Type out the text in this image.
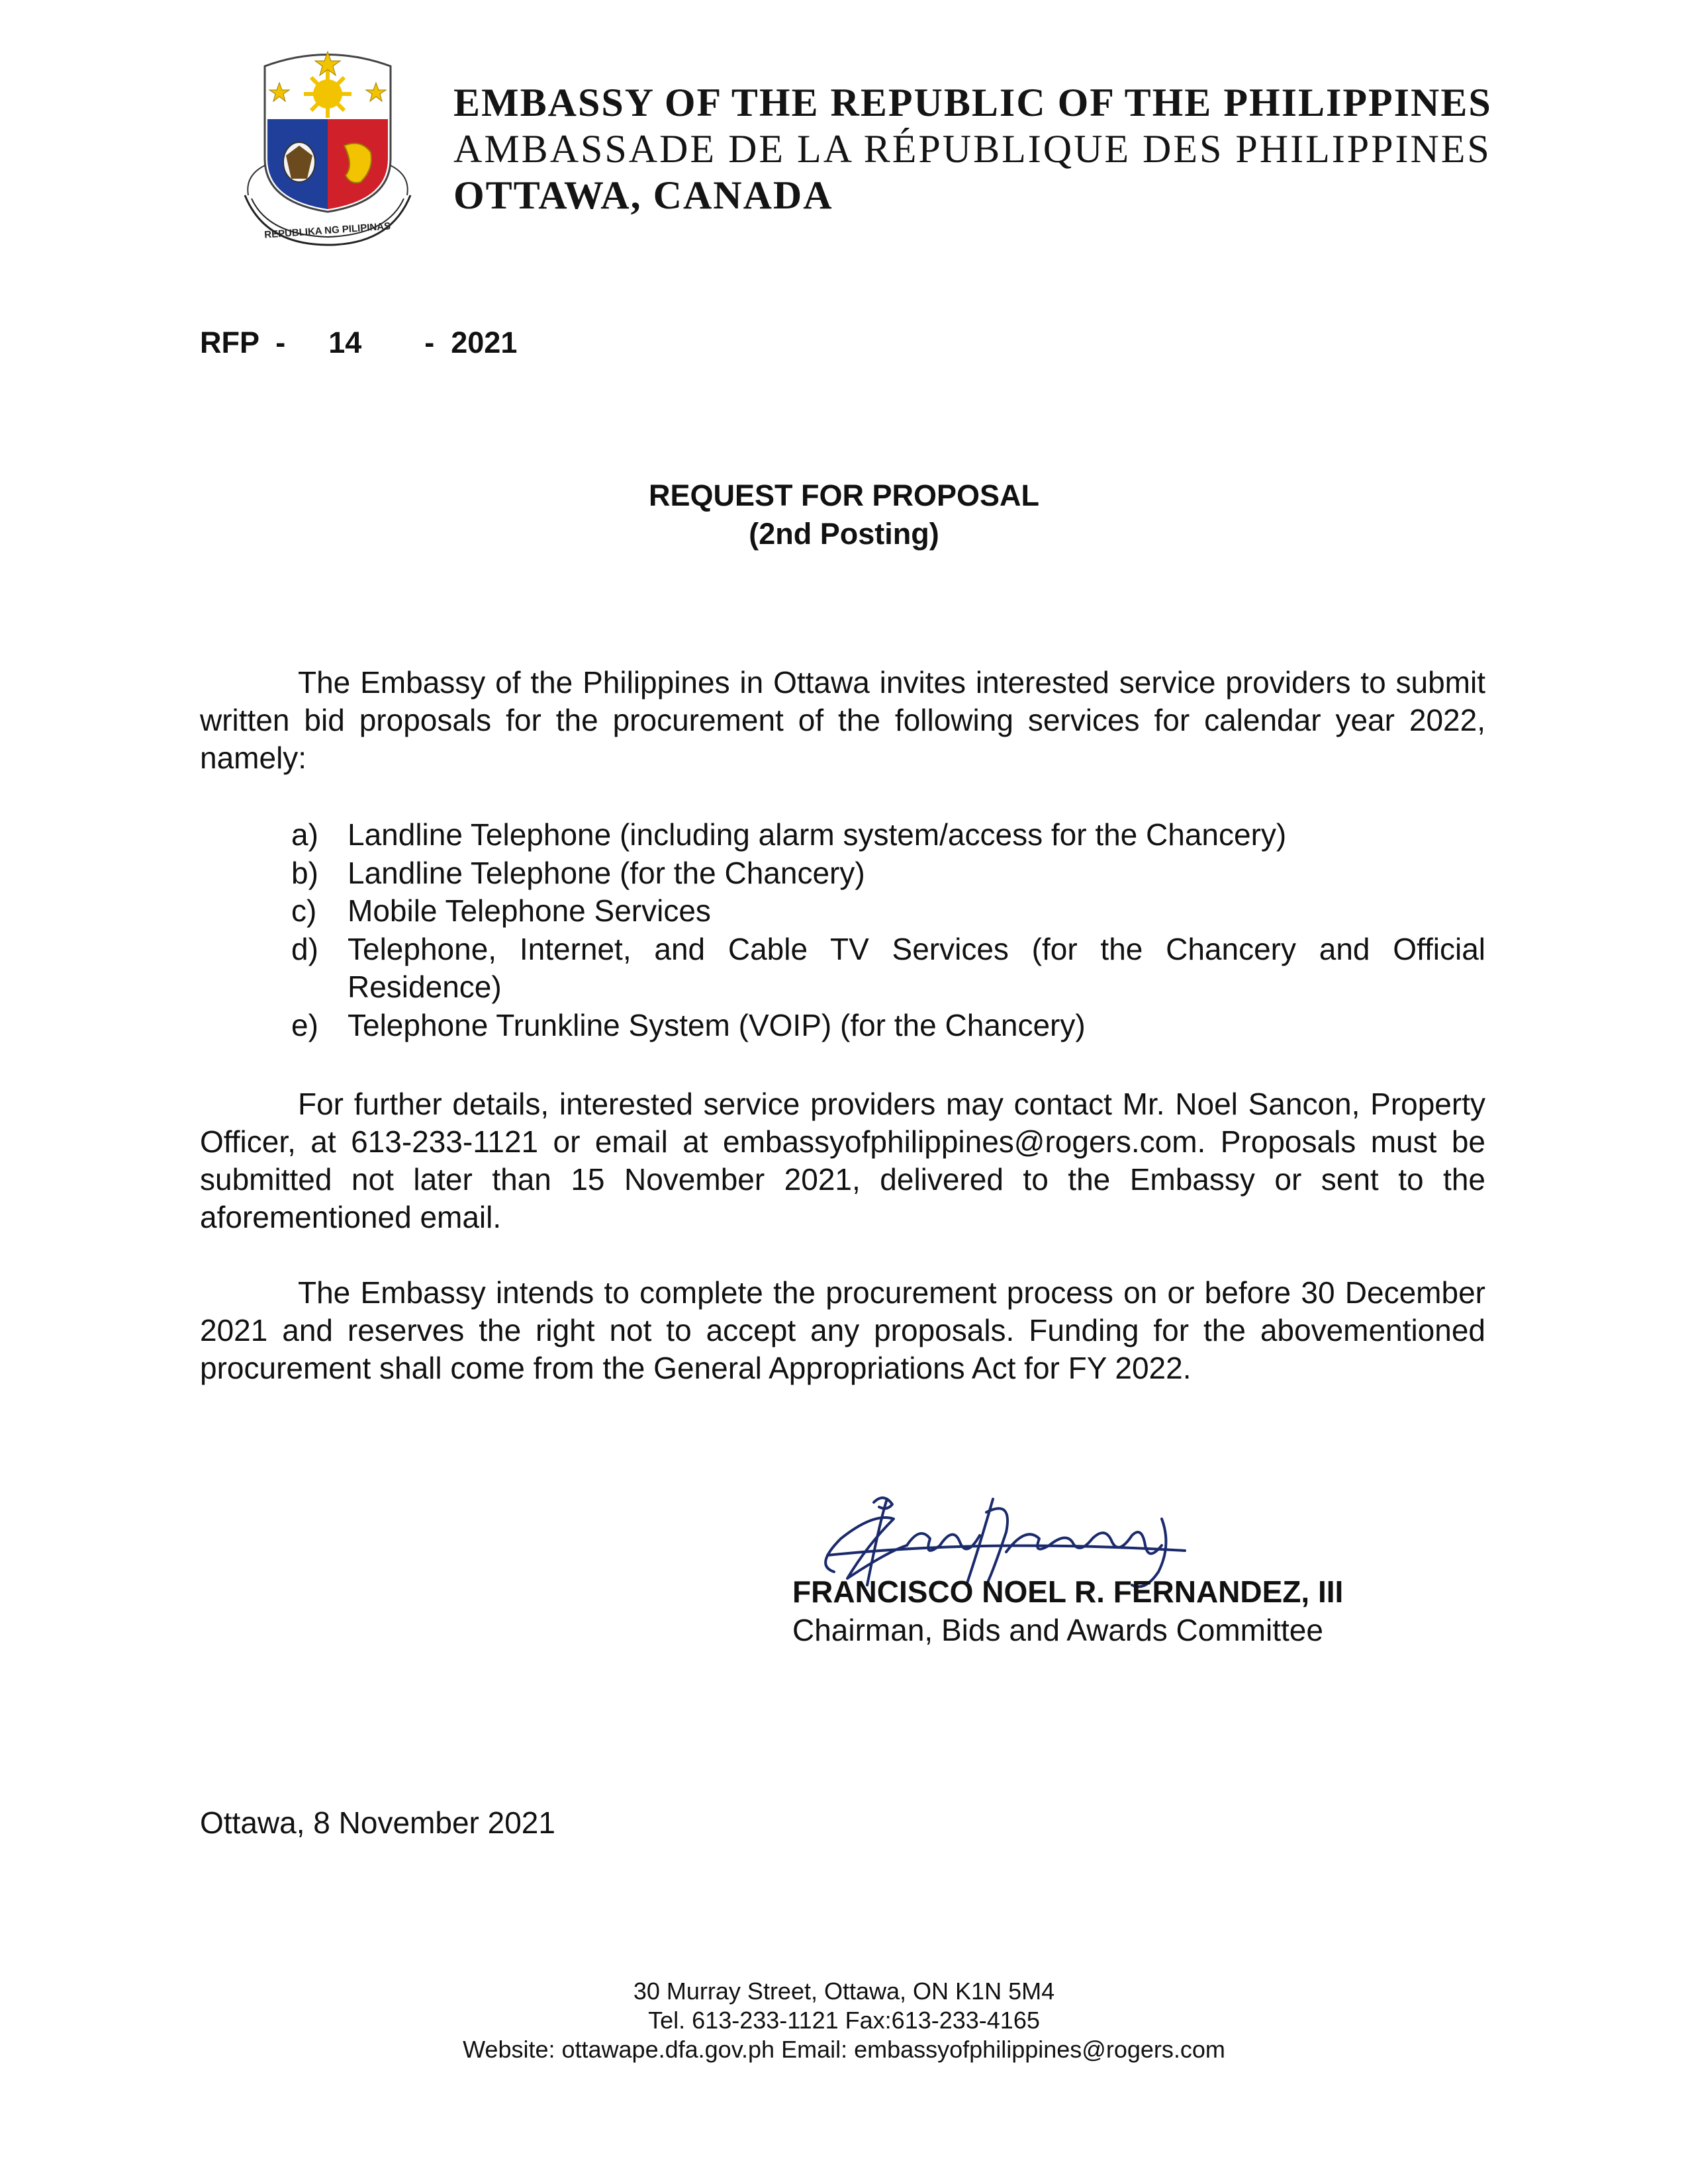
REPUBLIKA NG PILIPINAS
EMBASSY OF THE REPUBLIC OF THE PHILIPPINES
AMBASSADE DE LA RÉPUBLIQUE DES PHILIPPINES
OTTAWA, CANADA
RFP  - 14 -  2021
REQUEST FOR PROPOSAL
(2nd Posting)

The Embassy of the Philippines in Ottawa invites interested service providers to submit written bid proposals for the procurement of the following services for calendar year 2022, namely:

a) Landline Telephone (including alarm system/access for the Chancery)
b) Landline Telephone (for the Chancery)
c)	Mobile Telephone Services
d) Telephone, Internet, and Cable TV Services (for the Chancery and Official Residence)
e) Telephone Trunkline System (VOIP) (for the Chancery)

For further details, interested service providers may contact Mr. Noel Sancon, Property Officer, at 613-233-1121 or email at embassyofphilippines@rogers.com. Proposals must be submitted not later than 15 November 2021, delivered to the Embassy or sent to the aforementioned email.

The Embassy intends to complete the procurement process on or before 30 December 2021 and reserves the right not to accept any proposals. Funding for the abovementioned procurement shall come from the General Appropriations Act for FY 2022.

FRANCISCO NOEL R. FERNANDEZ, III
Chairman, Bids and Awards Committee
Ottawa, 8 November 2021
30 Murray Street, Ottawa, ON K1N 5M4
Tel. 613-233-1121 Fax:613-233-4165
Website: ottawape.dfa.gov.ph Email: embassyofphilippines@rogers.com
